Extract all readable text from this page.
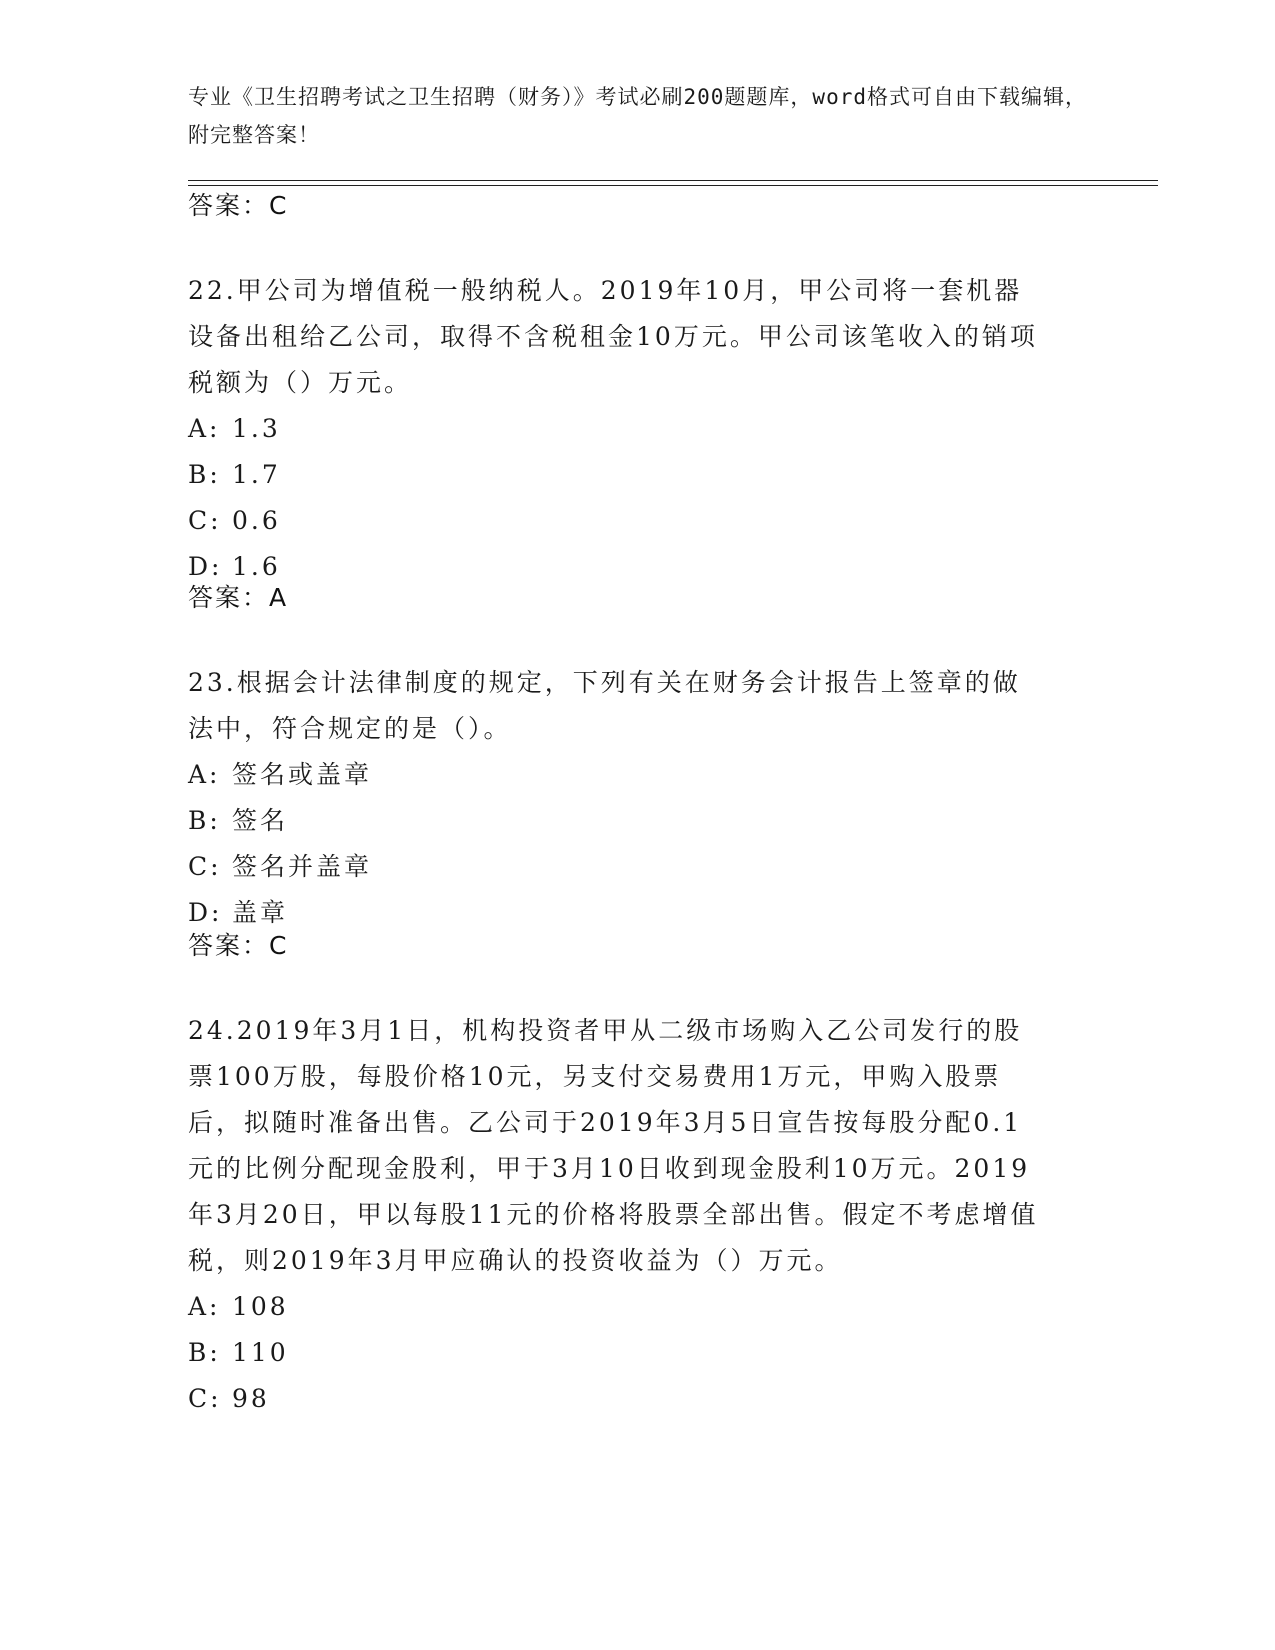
专业《卫生招聘考试之卫生招聘（财务）》考试必刷200题题库，word格式可自由下载编辑，附完整答案！
答案：C

22.甲公司为增值税一般纳税人。2019年10月，甲公司将一套机器设备出租给乙公司，取得不含税租金10万元。甲公司该笔收入的销项税额为（）万元。

A: 1.3
B: 1.7
C: 0.6
D: 1.6
答案：A

23.根据会计法律制度的规定，下列有关在财务会计报告上签章的做法中，符合规定的是（）。

A: 签名或盖章
B: 签名
C: 签名并盖章
D: 盖章
答案：C

24.2019年3月1日，机构投资者甲从二级市场购入乙公司发行的股票100万股，每股价格10元，另支付交易费用1万元，甲购入股票后，拟随时准备出售。乙公司于2019年3月5日宣告按每股分配0.1元的比例分配现金股利，甲于3月10日收到现金股利10万元。2019年3月20日，甲以每股11元的价格将股票全部出售。假定不考虑增值税，则2019年3月甲应确认的投资收益为（）万元。

A: 108
B: 110
C: 98
